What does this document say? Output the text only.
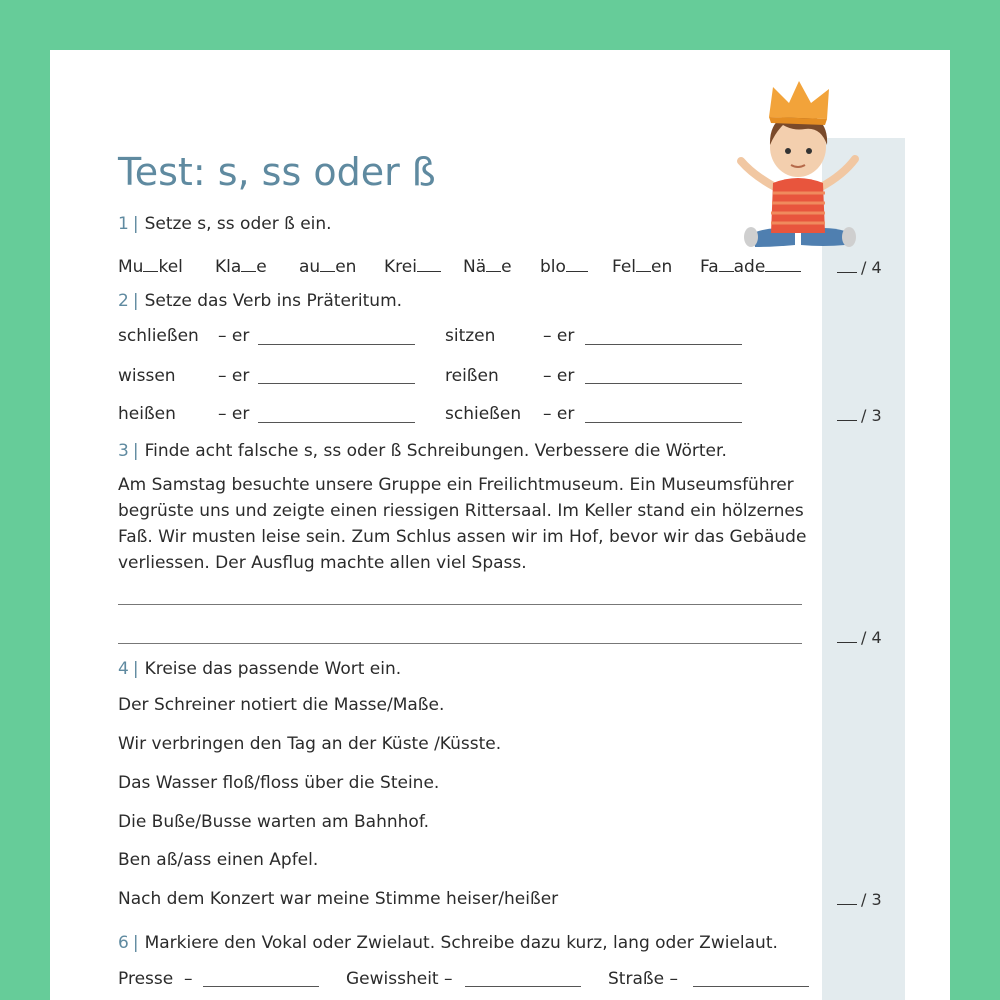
Test: s, ss oder ß
1 | Setze s, ss oder ß ein.
Mu kel Kla e au en Krei	Nä e blo	Fel en Fa ade	/ 4
2 | Setze das Verb ins Präteritum.
schließen – er	sitzen	– er
wissen – er	reißen	– er
heißen – er	schießen – er	/ 3
3 | Finde acht falsche s, ss oder ß Schreibungen. Verbessere die Wörter.
Am Samstag besuchte unsere Gruppe ein Freilichtmuseum. Ein Museumsführer begrüste uns und zeigte einen riessigen Rittersaal. Im Keller stand ein hölzernes Faß. Wir musten leise sein. Zum Schlus assen wir im Hof, bevor wir das Gebäude verliessen. Der Ausflug machte allen viel Spass.
/ 4
4 | Kreise das passende Wort ein.
Der Schreiner notiert die Masse/Maße.
Wir verbringen den Tag an der Küste /Küsste.
Das Wasser floß/floss über die Steine.
Die Buße/Busse warten am Bahnhof.
Ben aß/ass einen Apfel.
Nach dem Konzert war meine Stimme heiser/heißer	/ 3
6 | Markiere den Vokal oder Zwielaut. Schreibe dazu kurz, lang oder Zwielaut.
Presse –	Gewissheit –	Straße –
